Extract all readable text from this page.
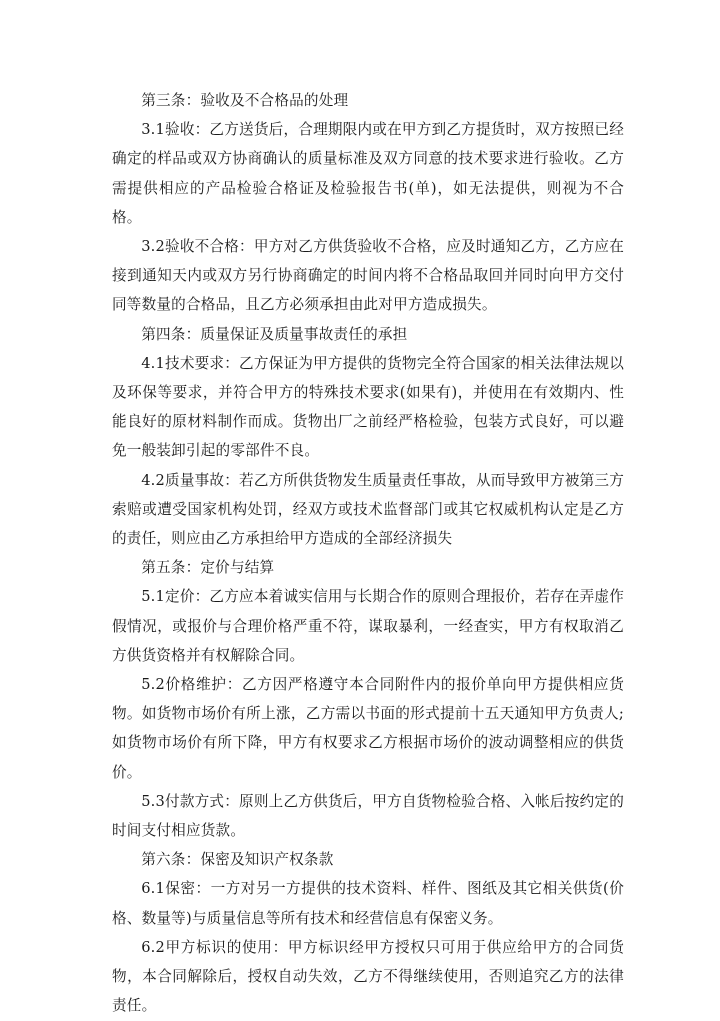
第三条：验收及不合格品的处理

3.1验收：乙方送货后，合理期限内或在甲方到乙方提货时，双方按照已经确定的样品或双方协商确认的质量标准及双方同意的技术要求进行验收。乙方需提供相应的产品检验合格证及检验报告书(单)，如无法提供，则视为不合格。

3.2验收不合格：甲方对乙方供货验收不合格，应及时通知乙方，乙方应在接到通知天内或双方另行协商确定的时间内将不合格品取回并同时向甲方交付同等数量的合格品，且乙方必须承担由此对甲方造成损失。

第四条：质量保证及质量事故责任的承担

4.1技术要求：乙方保证为甲方提供的货物完全符合国家的相关法律法规以及环保等要求，并符合甲方的特殊技术要求(如果有)，并使用在有效期内、性能良好的原材料制作而成。货物出厂之前经严格检验，包装方式良好，可以避免一般装卸引起的零部件不良。

4.2质量事故：若乙方所供货物发生质量责任事故，从而导致甲方被第三方索赔或遭受国家机构处罚，经双方或技术监督部门或其它权威机构认定是乙方的责任，则应由乙方承担给甲方造成的全部经济损失

第五条：定价与结算

5.1定价：乙方应本着诚实信用与长期合作的原则合理报价，若存在弄虚作假情况，或报价与合理价格严重不符，谋取暴利，一经查实，甲方有权取消乙方供货资格并有权解除合同。

5.2价格维护：乙方因严格遵守本合同附件内的报价单向甲方提供相应货物。如货物市场价有所上涨，乙方需以书面的形式提前十五天通知甲方负责人;如货物市场价有所下降，甲方有权要求乙方根据市场价的波动调整相应的供货价。

5.3付款方式：原则上乙方供货后，甲方自货物检验合格、入帐后按约定的时间支付相应货款。

第六条：保密及知识产权条款

6.1保密：一方对另一方提供的技术资料、样件、图纸及其它相关供货(价格、数量等)与质量信息等所有技术和经营信息有保密义务。

6.2甲方标识的使用：甲方标识经甲方授权只可用于供应给甲方的合同货物，本合同解除后，授权自动失效，乙方不得继续使用，否则追究乙方的法律责任。
